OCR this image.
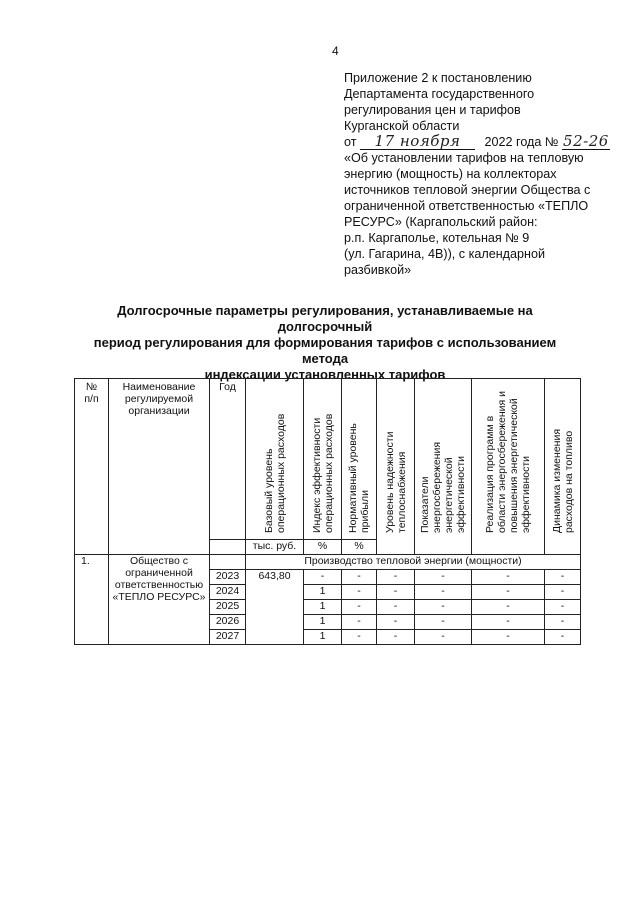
4
Приложение 2 к постановлению
Департамента государственного
регулирования цен и тарифов
Курганской области
от 17 ноября 2022 года № 52-26
«Об установлении тарифов на тепловую
энергию (мощность) на коллекторах
источников тепловой энергии Общества с
ограниченной ответственностью «ТЕПЛО
РЕСУРС» (Каргапольский район:
р.п. Каргаполье, котельная № 9
(ул. Гагарина, 4В)), с календарной
разбивкой»
Долгосрочные параметры регулирования, устанавливаемые на долгосрочный
период регулирования для формирования тарифов с использованием метода
индексации установленных тарифов
№ п/п	Наименование регулируемой организации	Год	Базовый уровень операционных расходов	Индекс эффективности операционных расходов	Нормативный уровень прибыли	Уровень надежности теплоснабжения	Показатели энергосбережения энергетической эффективности	Реализация программ в области энергосбережения и повышения энергетической эффективности	Динамика изменения расходов на топливо

			тыс. руб.	%	%				
1.	Общество с ограниченной ответственностью «ТЕПЛО РЕСУРС»		Производство тепловой энергии (мощности)						
		2023	643,80	-	-	-	-	-	-
		2024		1	-	-	-	-	-
		2025		1	-	-	-	-	-
		2026		1	-	-	-	-	-
		2027		1	-	-	-	-	-
